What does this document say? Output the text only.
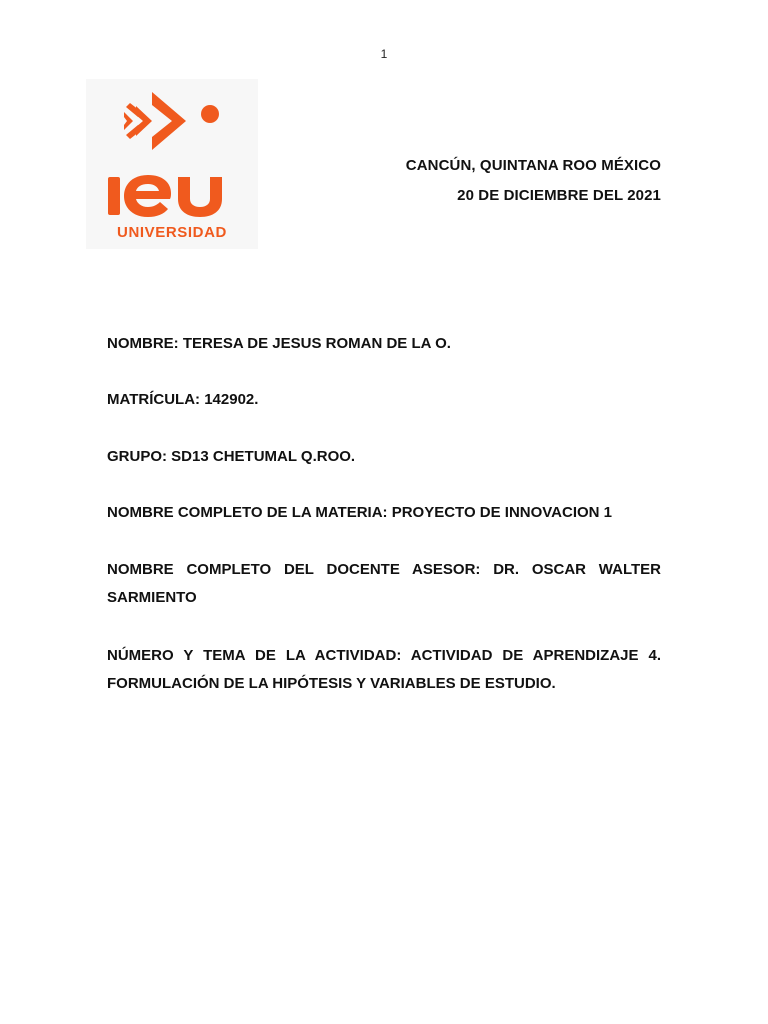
1
UNIVERSIDAD
CANCÚN, QUINTANA ROO MÉXICO
20 DE DICIEMBRE DEL 2021

NOMBRE: TERESA DE JESUS ROMAN DE LA O.

MATRÍCULA: 142902.

GRUPO: SD13 CHETUMAL Q.ROO.

NOMBRE COMPLETO DE LA MATERIA: PROYECTO DE INNOVACION 1

NOMBRE COMPLETO DEL DOCENTE ASESOR: DR. OSCAR WALTER
SARMIENTO
NÚMERO Y TEMA DE LA ACTIVIDAD: ACTIVIDAD DE APRENDIZAJE 4.
FORMULACIÓN DE LA HIPÓTESIS Y VARIABLES DE ESTUDIO.
